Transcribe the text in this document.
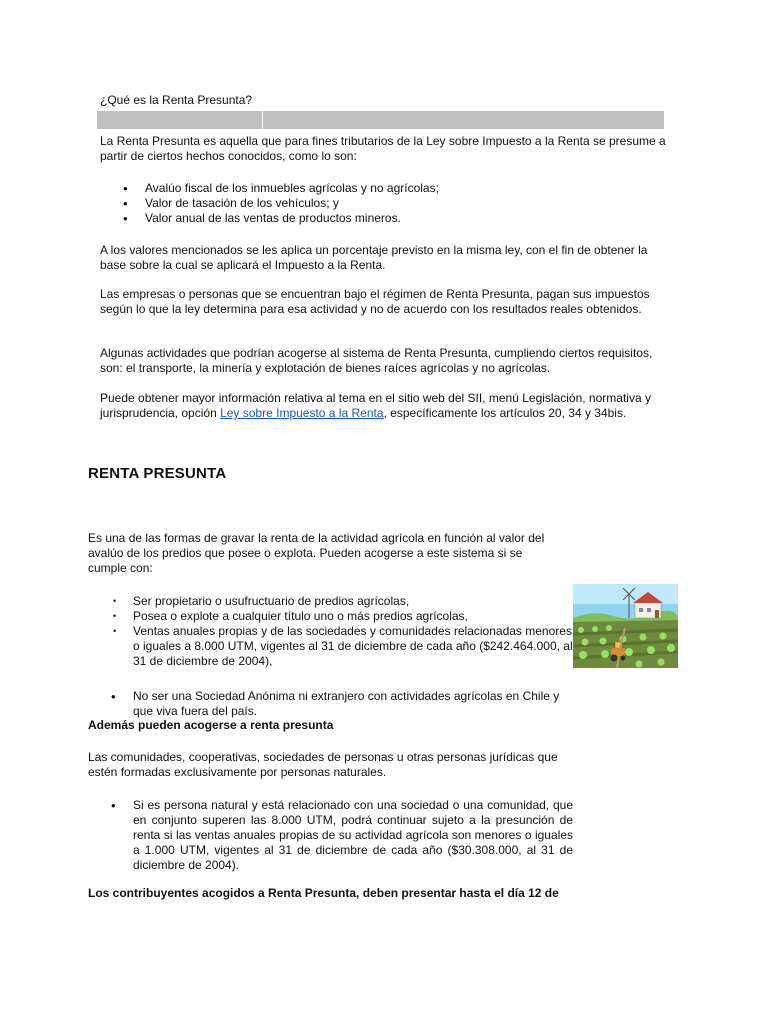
¿Qué es la Renta Presunta?

La Renta Presunta es aquella que para fines tributarios de la Ley sobre Impuesto a la Renta se presume a partir de ciertos hechos conocidos, como lo son:

• Avalúo fiscal de los inmuebles agrícolas y no agrícolas;
• Valor de tasación de los vehículos; y
• Valor anual de las ventas de productos mineros.

A los valores mencionados se les aplica un porcentaje previsto en la misma ley, con el fin de obtener la base sobre la cual se aplicará el Impuesto a la Renta.

Las empresas o personas que se encuentran bajo el régimen de Renta Presunta, pagan sus impuestos según lo que la ley determina para esa actividad y no de acuerdo con los resultados reales obtenidos.

Algunas actividades que podrían acogerse al sistema de Renta Presunta, cumpliendo ciertos requisitos, son: el transporte, la minería y explotación de bienes raíces agrícolas y no agrícolas.

Puede obtener mayor información relativa al tema en el sitio web del SII, menú Legislación, normativa y jurisprudencia, opción Ley sobre Impuesto a la Renta, específicamente los artículos 20, 34 y 34bis.

RENTA PRESUNTA

Es una de las formas de gravar la renta de la actividad agrícola en función al valor del avalúo de los predios que posee o explota. Pueden acogerse a este sistema si se cumple con:

• Ser propietario o usufructuario de predios agrícolas,
• Posea o explote a cualquier título uno o más predios agrícolas,
• Ventas anuales propias y de las sociedades y comunidades relacionadas menores o iguales a 8.000 UTM, vigentes al 31 de diciembre de cada año ($242.464.000, al 31 de diciembre de 2004),
• No ser una Sociedad Anónima ni extranjero con actividades agrícolas en Chile y que viva fuera del país.

Además pueden acogerse a renta presunta

Las comunidades, cooperativas, sociedades de personas u otras personas jurídicas que estén formadas exclusivamente por personas naturales.

• Si es persona natural y está relacionado con una sociedad o una comunidad, que en conjunto superen las 8.000 UTM, podrá continuar sujeto a la presunción de renta si las ventas anuales propias de su actividad agrícola son menores o iguales a 1.000 UTM, vigentes al 31 de diciembre de cada año ($30.308.000, al 31 de diciembre de 2004).

Los contribuyentes acogidos a Renta Presunta, deben presentar hasta el día 12 de
